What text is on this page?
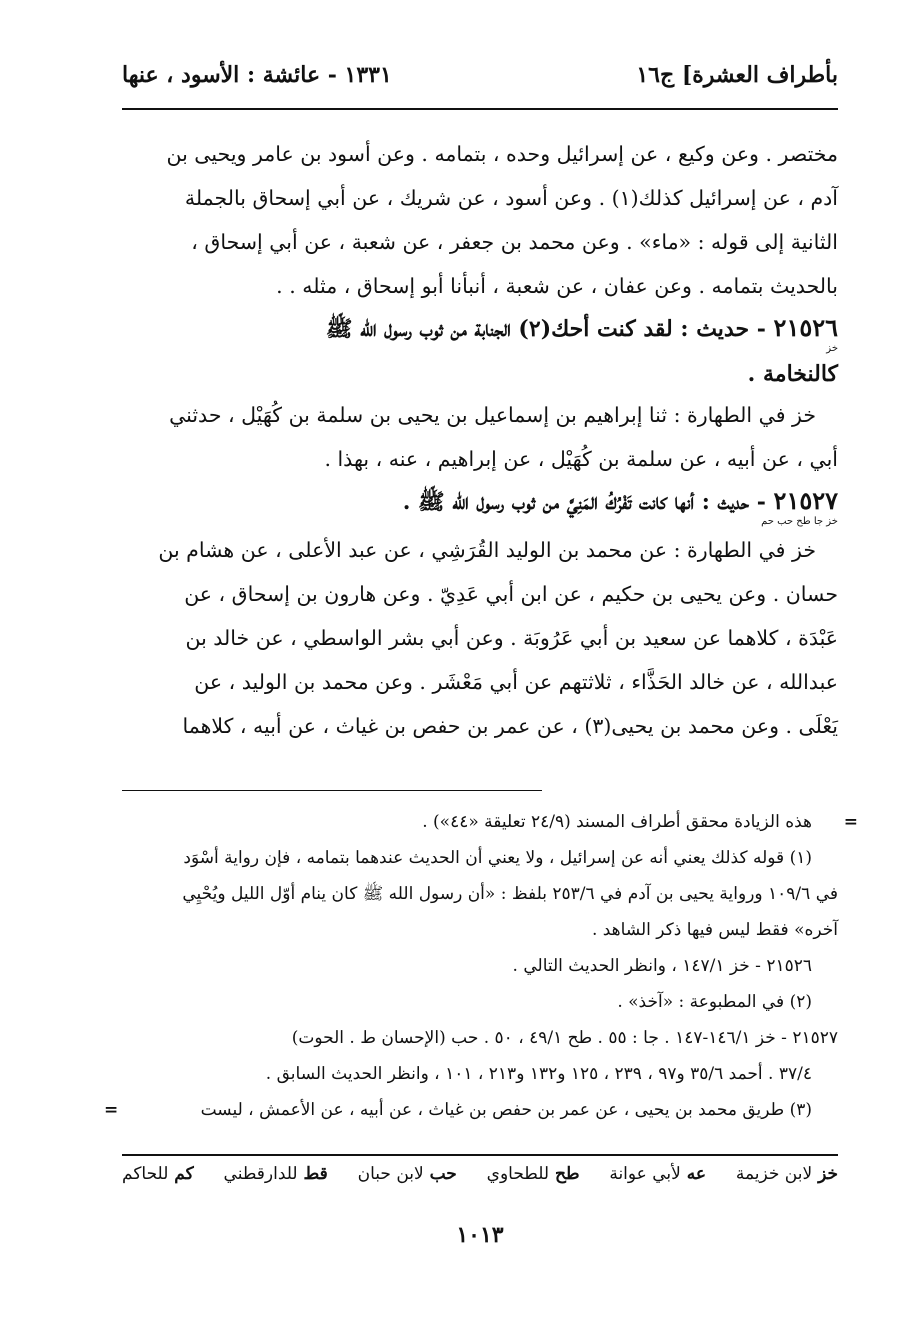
بأطراف العشرة] ج١٦
١٣٣١ - عائشة : الأسود ، عنها

مختصر . وعن وكيع ، عن إسرائيل وحده ، بتمامه . وعن أسود بن عامر ويحيى بن

آدم ، عن إسرائيل كذلك(١) . وعن أسود ، عن شريك ، عن أبي إسحاق بالجملة

الثانية إلى قوله : «ماء» . وعن محمد بن جعفر ، عن شعبة ، عن أبي إسحاق ،

بالحديث بتمامه . وعن عفان ، عن شعبة ، أنبأنا أبو إسحاق ، مثله . .

٢١٥٢٦ - حديث : لقد كنت أحك(٢) الجنابة من ثوب رسول الله ﷺ
خز

كالنخامة .

خز في الطهارة : ثنا إبراهيم بن إسماعيل بن يحيى بن سلمة بن كُهَيْل ، حدثني

أبي ، عن أبيه ، عن سلمة بن كُهَيْل ، عن إبراهيم ، عنه ، بهذا .

٢١٥٢٧ - حديث : أنها كانت تَفْرُكُ المَنِيَّ من ثوب رسول الله ﷺ .
خز جا طح حب حم

خز في الطهارة : عن محمد بن الوليد القُرَشِي ، عن عبد الأعلى ، عن هشام بن

حسان . وعن يحيى بن حكيم ، عن ابن أبي عَدِيّ . وعن هارون بن إسحاق ، عن

عَبْدَة ، كلاهما عن سعيد بن أبي عَرُوبَة . وعن أبي بشر الواسطي ، عن خالد بن

عبدالله ، عن خالد الحَذَّاء ، ثلاثتهم عن أبي مَعْشَر . وعن محمد بن الوليد ، عن

يَعْلَى . وعن محمد بن يحيى(٣) ، عن عمر بن حفص بن غياث ، عن أبيه ، كلاهما

=
هذه الزيادة محقق أطراف المسند (٢٤/٩ تعليقة «٤٤») .

(١) قوله كذلك يعني أنه عن إسرائيل ، ولا يعني أن الحديث عندهما بتمامه ، فإن رواية أسْوَد

في ١٠٩/٦ ورواية يحيى بن آدم في ٢٥٣/٦ بلفظ : «أن رسول الله ﷺ كان ينام أوّل الليل ويُحْيِي

آخره» فقط ليس فيها ذكر الشاهد .

٢١٥٢٦ - خز ١٤٧/١ ، وانظر الحديث التالي .

(٢) في المطبوعة : «آخذ» .

٢١٥٢٧ - خز ١٤٦/١-١٤٧ . جا : ٥٥ . طح ٤٩/١ ، ٥٠ . حب (الإحسان ط . الحوت)

٣٧/٤ . أحمد ٣٥/٦ و٩٧ ، ٢٣٩ ، ١٢٥ و١٣٢ و٢١٣ ، ١٠١ ، وانظر الحديث السابق .

(٣) طريق محمد بن يحيى ، عن عمر بن حفص بن غياث ، عن أبيه ، عن الأعمش ، ليست
=

خز لابن خزيمة
عه لأبي عوانة
طح للطحاوي
حب لابن حبان
قط للدارقطني
كم للحاكم
١٠١٣
